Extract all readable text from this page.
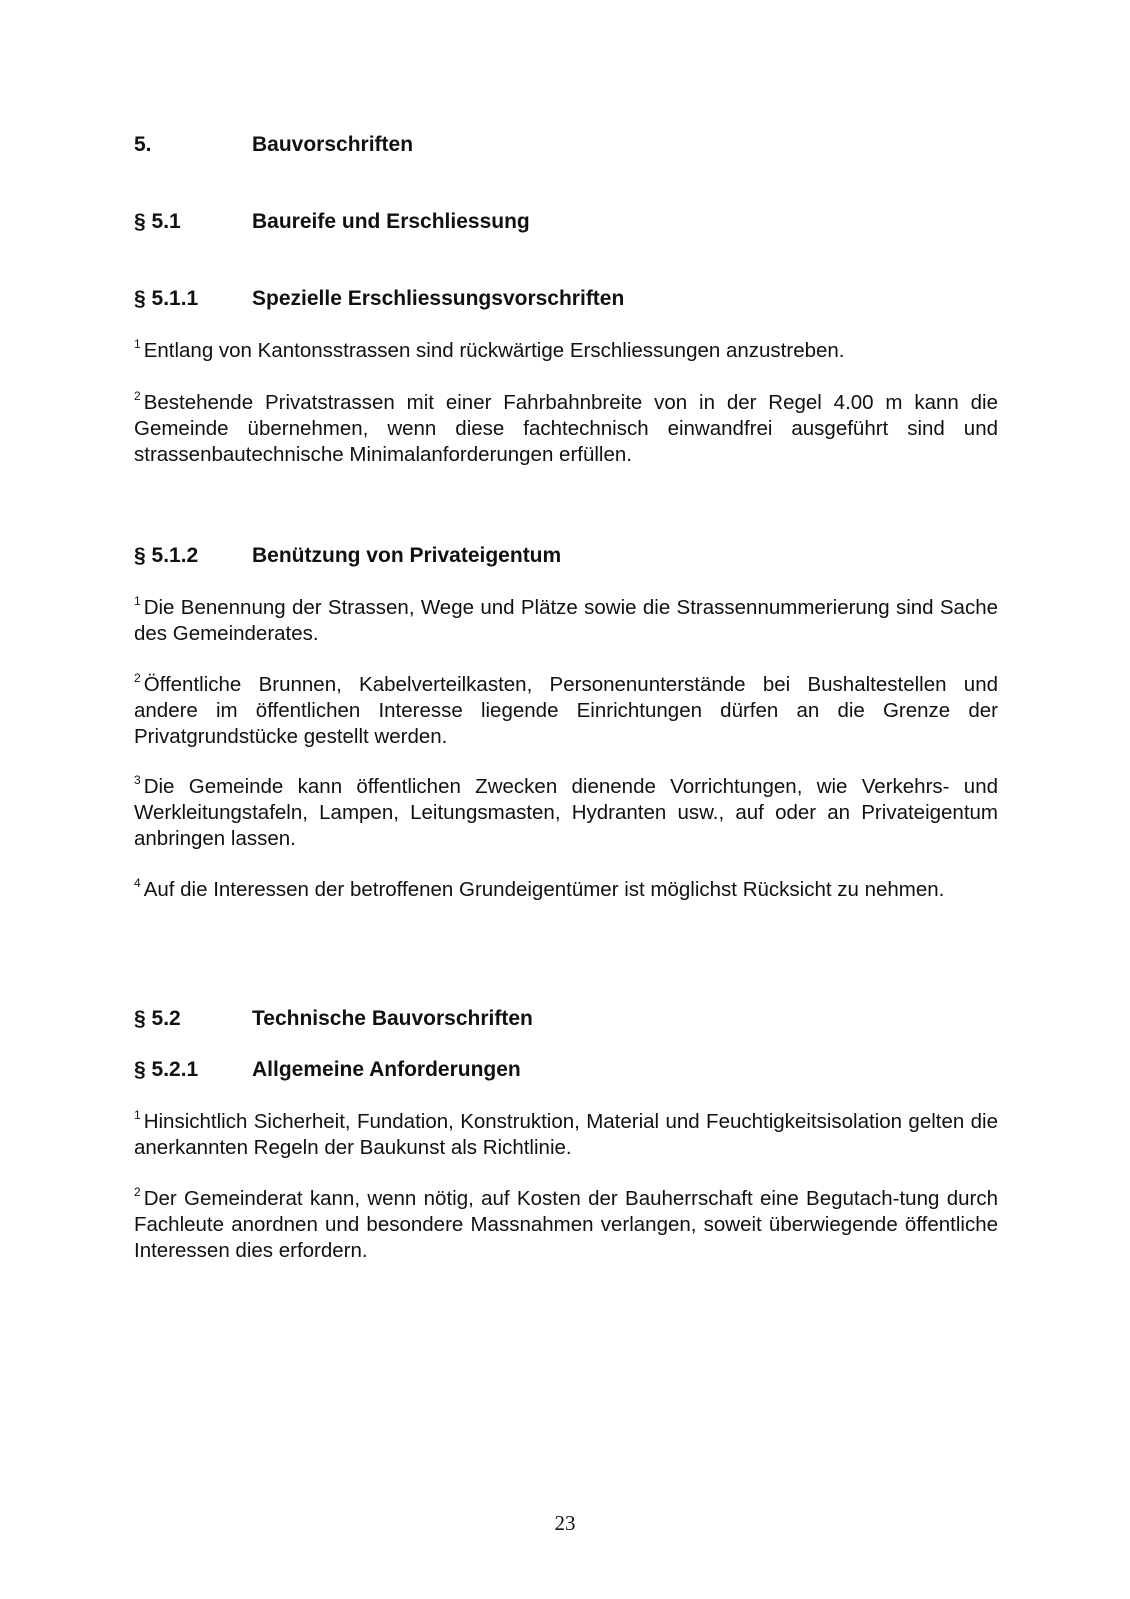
5.	Bauvorschriften
§ 5.1	Baureife und Erschliessung
§ 5.1.1	Spezielle Erschliessungsvorschriften
$^1$ Entlang von Kantonsstrassen sind rückwärtige Erschliessungen anzustreben.
$^2$ Bestehende Privatstrassen mit einer Fahrbahnbreite von in der Regel 4.00 m kann die Gemeinde übernehmen, wenn diese fachtechnisch einwandfrei ausgeführt sind und strassenbautechnische Minimalanforderungen erfüllen.
§ 5.1.2	Benützung von Privateigentum
$^1$ Die Benennung der Strassen, Wege und Plätze sowie die Strassennummerierung sind Sache des Gemeinderates.
$^2$ Öffentliche Brunnen, Kabelverteilkasten, Personenunterstände bei Bushaltestellen und andere im öffentlichen Interesse liegende Einrichtungen dürfen an die Grenze der Privatgrundstücke gestellt werden.
$^3$ Die Gemeinde kann öffentlichen Zwecken dienende Vorrichtungen, wie Verkehrs- und Werkleitungstafeln, Lampen, Leitungsmasten, Hydranten usw., auf oder an Privateigentum anbringen lassen.
$^4$ Auf die Interessen der betroffenen Grundeigentümer ist möglichst Rücksicht zu nehmen.
§ 5.2	Technische Bauvorschriften
§ 5.2.1	Allgemeine Anforderungen
$^1$ Hinsichtlich Sicherheit, Fundation, Konstruktion, Material und Feuchtigkeitsisolation gelten die anerkannten Regeln der Baukunst als Richtlinie.
$^2$ Der Gemeinderat kann, wenn nötig, auf Kosten der Bauherrschaft eine Begutach-tung durch Fachleute anordnen und besondere Massnahmen verlangen, soweit überwiegende öffentliche Interessen dies erfordern.
23
